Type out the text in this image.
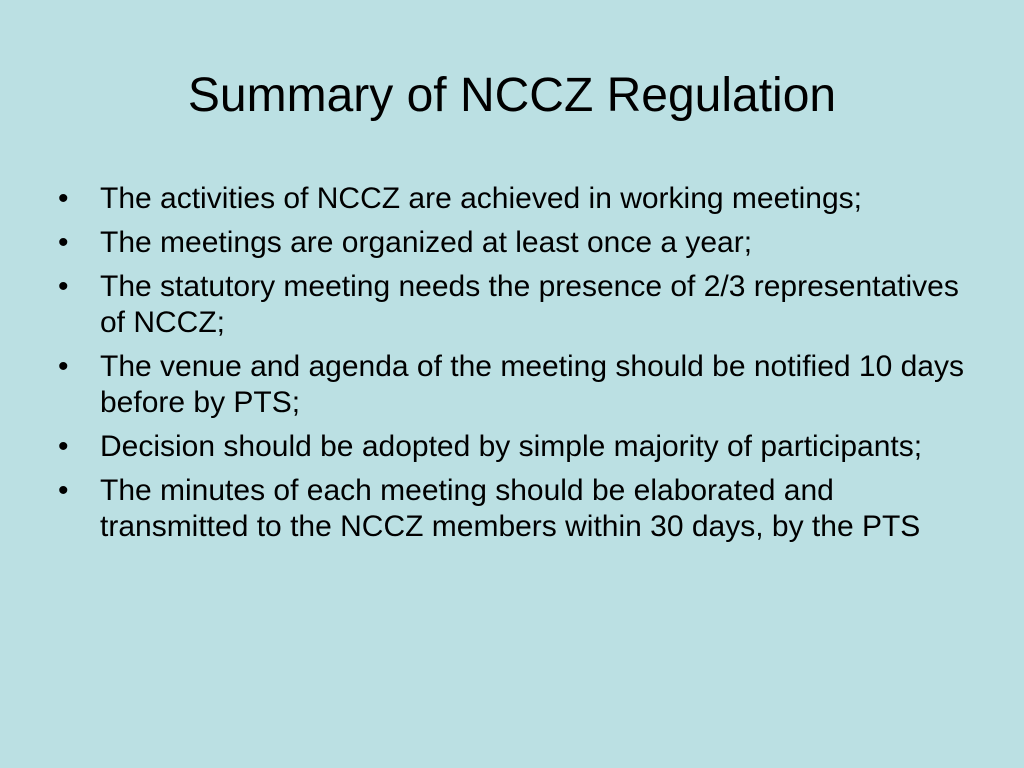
Summary of NCCZ Regulation
•	The activities of NCCZ are achieved in working meetings;
•	The meetings are organized at least once a year;
•	The statutory meeting needs the presence of 2/3 representatives of NCCZ;
•	The venue and agenda of the meeting should be notified 10 days before by PTS;
•	Decision should be adopted by simple majority of participants;
•	The minutes of each meeting should be elaborated and transmitted to the NCCZ members within 30 days, by the PTS
